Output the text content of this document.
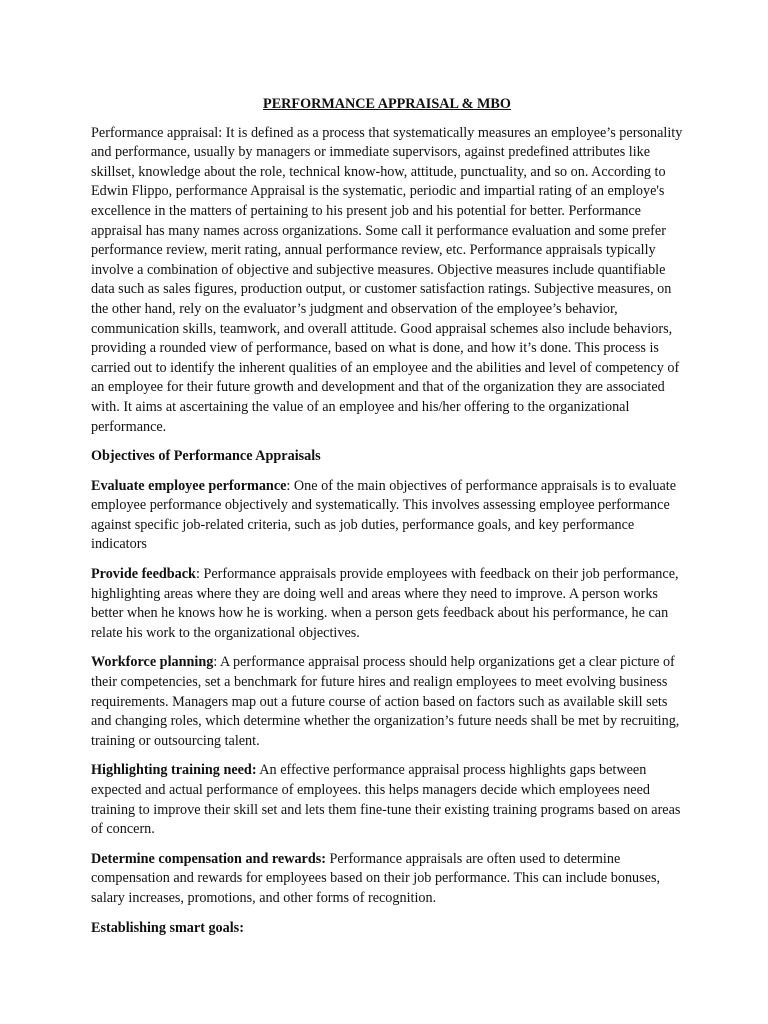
PERFORMANCE APPRAISAL & MBO

Performance appraisal: It is defined as a process that systematically measures an employee’s personality and performance, usually by managers or immediate supervisors, against predefined attributes like skillset, knowledge about the role, technical know-how, attitude, punctuality, and so on. According to Edwin Flippo, performance Appraisal is the systematic, periodic and impartial rating of an employe's excellence in the matters of pertaining to his present job and his potential for better. Performance appraisal has many names across organizations. Some call it performance evaluation and some prefer performance review, merit rating, annual performance review, etc. Performance appraisals typically involve a combination of objective and subjective measures. Objective measures include quantifiable data such as sales figures, production output, or customer satisfaction ratings. Subjective measures, on the other hand, rely on the evaluator’s judgment and observation of the employee’s behavior, communication skills, teamwork, and overall attitude. Good appraisal schemes also include behaviors, providing a rounded view of performance, based on what is done, and how it’s done. This process is carried out to identify the inherent qualities of an employee and the abilities and level of competency of an employee for their future growth and development and that of the organization they are associated with. It aims at ascertaining the value of an employee and his/her offering to the organizational performance.

Objectives of Performance Appraisals

Evaluate employee performance: One of the main objectives of performance appraisals is to evaluate employee performance objectively and systematically. This involves assessing employee performance against specific job-related criteria, such as job duties, performance goals, and key performance indicators

Provide feedback: Performance appraisals provide employees with feedback on their job performance, highlighting areas where they are doing well and areas where they need to improve. A person works better when he knows how he is working. when a person gets feedback about his performance, he can relate his work to the organizational objectives.

Workforce planning: A performance appraisal process should help organizations get a clear picture of their competencies, set a benchmark for future hires and realign employees to meet evolving business requirements. Managers map out a future course of action based on factors such as available skill sets and changing roles, which determine whether the organization’s future needs shall be met by recruiting, training or outsourcing talent.

Highlighting training need: An effective performance appraisal process highlights gaps between expected and actual performance of employees. this helps managers decide which employees need training to improve their skill set and lets them fine-tune their existing training programs based on areas of concern.

Determine compensation and rewards: Performance appraisals are often used to determine compensation and rewards for employees based on their job performance. This can include bonuses, salary increases, promotions, and other forms of recognition.

Establishing smart goals:
